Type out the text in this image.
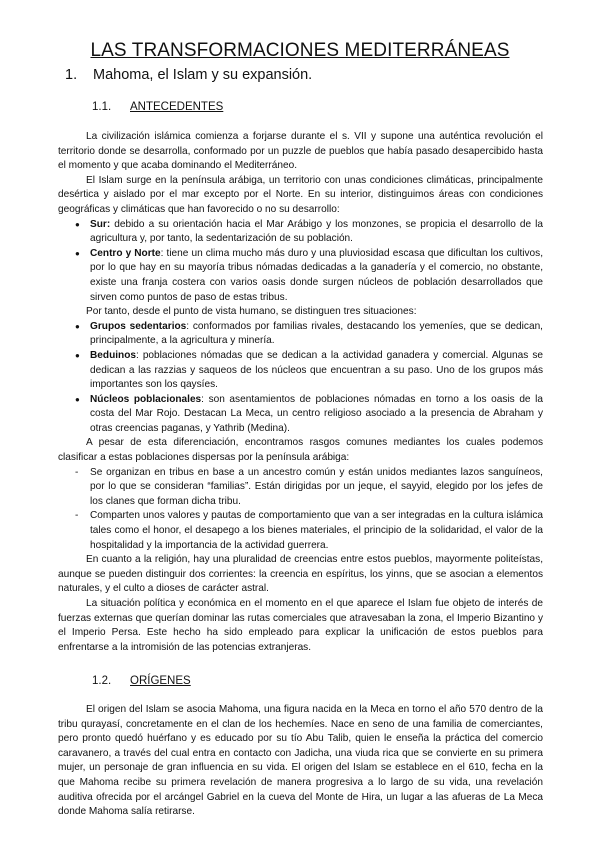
LAS TRANSFORMACIONES MEDITERRÁNEAS
1. Mahoma, el Islam y su expansión.
1.1. ANTECEDENTES

La civilización islámica comienza a forjarse durante el s. VII y supone una auténtica revolución el territorio donde se desarrolla, conformado por un puzzle de pueblos que había pasado desapercibido hasta el momento y que acaba dominando el Mediterráneo.

El Islam surge en la península arábiga, un territorio con unas condiciones climáticas, principalmente desértica y aislado por el mar excepto por el Norte. En su interior, distinguimos áreas con condiciones geográficas y climáticas que han favorecido o no su desarrollo:

● Sur: debido a su orientación hacia el Mar Arábigo y los monzones, se propicia el desarrollo de la agricultura y, por tanto, la sedentarización de su población.
● Centro y Norte: tiene un clima mucho más duro y una pluviosidad escasa que dificultan los cultivos, por lo que hay en su mayoría tribus nómadas dedicadas a la ganadería y el comercio, no obstante, existe una franja costera con varios oasis donde surgen núcleos de población desarrollados que sirven como puntos de paso de estas tribus.

Por tanto, desde el punto de vista humano, se distinguen tres situaciones:

● Grupos sedentarios: conformados por familias rivales, destacando los yemeníes, que se dedican, principalmente, a la agricultura y minería.
● Beduinos: poblaciones nómadas que se dedican a la actividad ganadera y comercial. Algunas se dedican a las razzias y saqueos de los núcleos que encuentran a su paso. Uno de los grupos más importantes son los qaysíes.
● Núcleos poblacionales: son asentamientos de poblaciones nómadas en torno a los oasis de la costa del Mar Rojo. Destacan La Meca, un centro religioso asociado a la presencia de Abraham y otras creencias paganas, y Yathrib (Medina).

A pesar de esta diferenciación, encontramos rasgos comunes mediantes los cuales podemos clasificar a estas poblaciones dispersas por la península arábiga:

- Se organizan en tribus en base a un ancestro común y están unidos mediantes lazos sanguíneos, por lo que se consideran “familias”. Están dirigidas por un jeque, el sayyid, elegido por los jefes de los clanes que forman dicha tribu.
- Comparten unos valores y pautas de comportamiento que van a ser integradas en la cultura islámica tales como el honor, el desapego a los bienes materiales, el principio de la solidaridad, el valor de la hospitalidad y la importancia de la actividad guerrera.

En cuanto a la religión, hay una pluralidad de creencias entre estos pueblos, mayormente politeístas, aunque se pueden distinguir dos corrientes: la creencia en espíritus, los yinns, que se asocian a elementos naturales, y el culto a dioses de carácter astral.

La situación política y económica en el momento en el que aparece el Islam fue objeto de interés de fuerzas externas que querían dominar las rutas comerciales que atravesaban la zona, el Imperio Bizantino y el Imperio Persa. Este hecho ha sido empleado para explicar la unificación de estos pueblos para enfrentarse a la intromisión de las potencias extranjeras.

1.2. ORÍGENES

El origen del Islam se asocia Mahoma, una figura nacida en la Meca en torno el año 570 dentro de la tribu qurayasí, concretamente en el clan de los hechemíes. Nace en seno de una familia de comerciantes, pero pronto quedó huérfano y es educado por su tío Abu Talib, quien le enseña la práctica del comercio caravanero, a través del cual entra en contacto con Jadicha, una viuda rica que se convierte en su primera mujer, un personaje de gran influencia en su vida. El origen del Islam se establece en el 610, fecha en la que Mahoma recibe su primera revelación de manera progresiva a lo largo de su vida, una revelación auditiva ofrecida por el arcángel Gabriel en la cueva del Monte de Hira, un lugar a las afueras de La Meca donde Mahoma salía retirarse.
